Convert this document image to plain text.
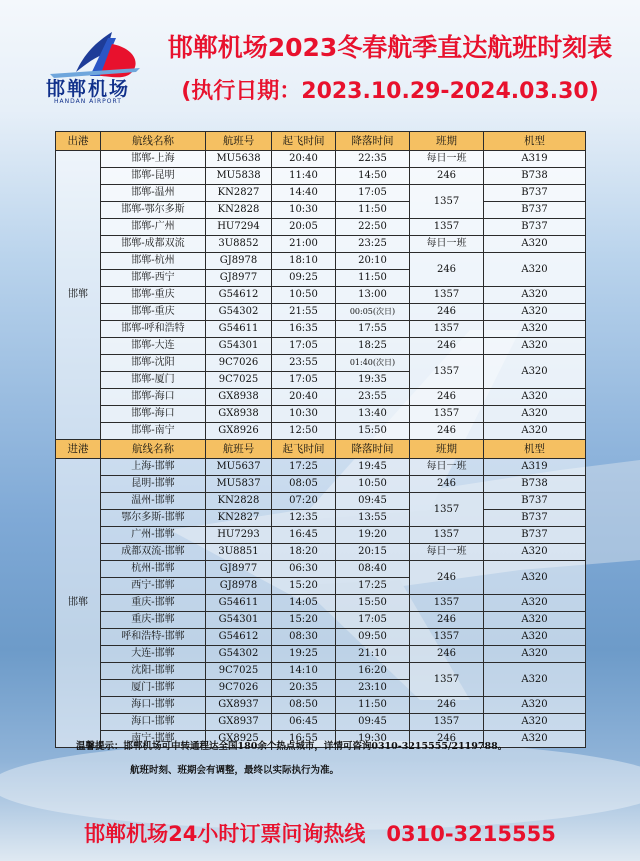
邯郸机场
HANDAN AIRPORT
邯郸机场2023冬春航季直达航班时刻表
(执行日期：2023.10.29-2024.03.30)
出港	航线名称	航班号	起飞时间	降落时间	班期	机型
邯郸	邯郸-上海	MU5638	20:40	22:35	每日一班	A319
	邯郸-昆明	MU5838	11:40	14:50	246	B738
	邯郸-温州	KN2827	14:40	17:05	1357	B737
	邯郸-鄂尔多斯	KN2828	10:30	11:50		B737
	邯郸-广州	HU7294	20:05	22:50	1357	B737
	邯郸-成都双流	3U8852	21:00	23:25	每日一班	A320
	邯郸-杭州	GJ8978	18:10	20:10	246	A320
	邯郸-西宁	GJ8977	09:25	11:50		
	邯郸-重庆	G54612	10:50	13:00	1357	A320
	邯郸-重庆	G54302	21:55	00:05(次日)	246	A320
	邯郸-呼和浩特	G54611	16:35	17:55	1357	A320
	邯郸-大连	G54301	17:05	18:25	246	A320
	邯郸-沈阳	9C7026	23:55	01:40(次日)	1357	A320
	邯郸-厦门	9C7025	17:05	19:35		
	邯郸-海口	GX8938	20:40	23:55	246	A320
	邯郸-海口	GX8938	10:30	13:40	1357	A320
	邯郸-南宁	GX8926	12:50	15:50	246	A320
进港	航线名称	航班号	起飞时间	降落时间	班期	机型
邯郸	上海-邯郸	MU5637	17:25	19:45	每日一班	A319
	昆明-邯郸	MU5837	08:05	10:50	246	B738
	温州-邯郸	KN2828	07:20	09:45	1357	B737
	鄂尔多斯-邯郸	KN2827	12:35	13:55		B737
	广州-邯郸	HU7293	16:45	19:20	1357	B737
	成都双流-邯郸	3U8851	18:20	20:15	每日一班	A320
	杭州-邯郸	GJ8977	06:30	08:40	246	A320
	西宁-邯郸	GJ8978	15:20	17:25		
	重庆-邯郸	G54611	14:05	15:50	1357	A320
	重庆-邯郸	G54301	15:20	17:05	246	A320
	呼和浩特-邯郸	G54612	08:30	09:50	1357	A320
	大连-邯郸	G54302	19:25	21:10	246	A320
	沈阳-邯郸	9C7025	14:10	16:20	1357	A320
	厦门-邯郸	9C7026	20:35	23:10		
	海口-邯郸	GX8937	08:50	11:50	246	A320
	海口-邯郸	GX8937	06:45	09:45	1357	A320
	南宁-邯郸	GX8925	16:55	19:30	246	A320
温馨提示：邯郸机场可中转通程达全国180余个热点城市，详情可咨询0310-3215555/2119788。
航班时刻、班期会有调整，最终以实际执行为准。
邯郸机场24小时订票问询热线　0310-3215555
